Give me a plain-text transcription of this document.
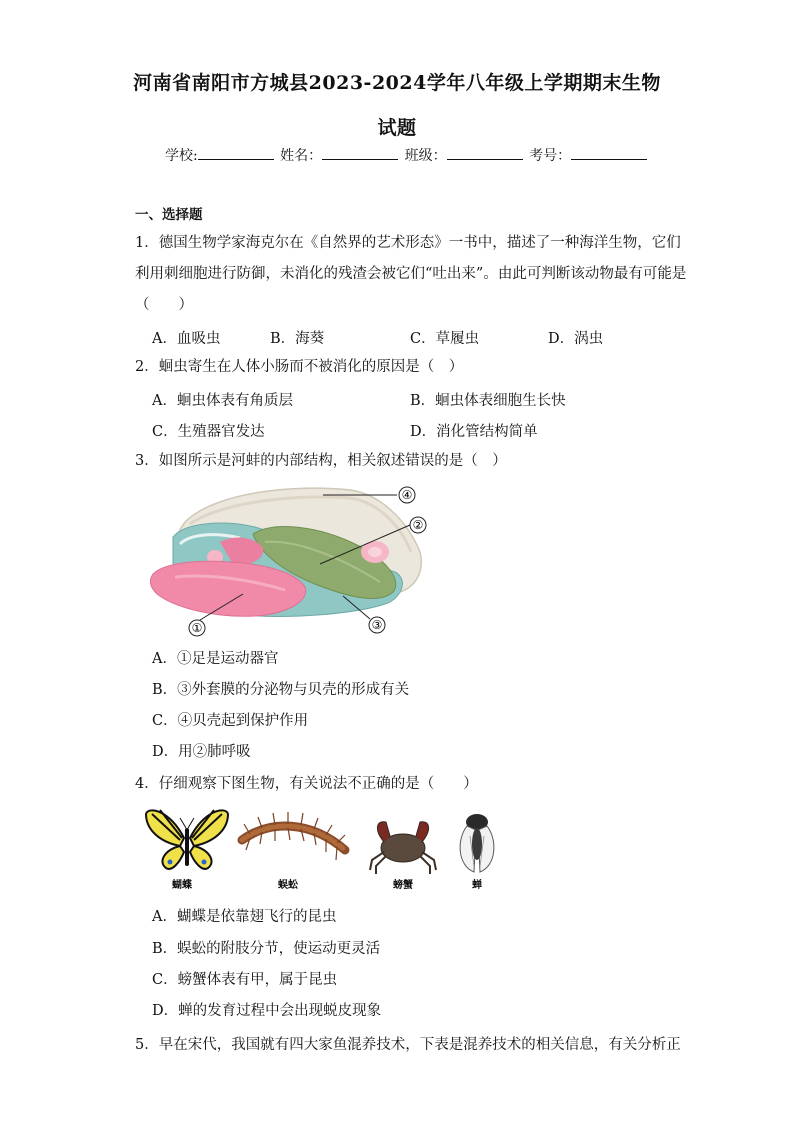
河南省南阳市方城县2023-2024学年八年级上学期期末生物
试题
学校:	姓名：	班级：	考号：
一、选择题
1．德国生物学家海克尔在《自然界的艺术形态》一书中，描述了一种海洋生物，它们
利用刺细胞进行防御，未消化的残渣会被它们“吐出来”。由此可判断该动物最有可能是
（　　）
A．血吸虫	B．海葵	C．草履虫	D．涡虫
2．蛔虫寄生在人体小肠而不被消化的原因是（　）
A．蛔虫体表有角质层	B．蛔虫体表细胞生长快
C．生殖器官发达	D．消化管结构简单
3．如图所示是河蚌的内部结构，相关叙述错误的是（　）
④
②
①	③
A．①足是运动器官
B．③外套膜的分泌物与贝壳的形成有关
C．④贝壳起到保护作用
D．用②肺呼吸
4．仔细观察下图生物，有关说法不正确的是（　　）
蝴蝶	蜈蚣	螃蟹	蝉
A．蝴蝶是依靠翅飞行的昆虫
B．蜈蚣的附肢分节，使运动更灵活
C．螃蟹体表有甲，属于昆虫
D．蝉的发育过程中会出现蜕皮现象
5．早在宋代，我国就有四大家鱼混养技术，下表是混养技术的相关信息，有关分析正
